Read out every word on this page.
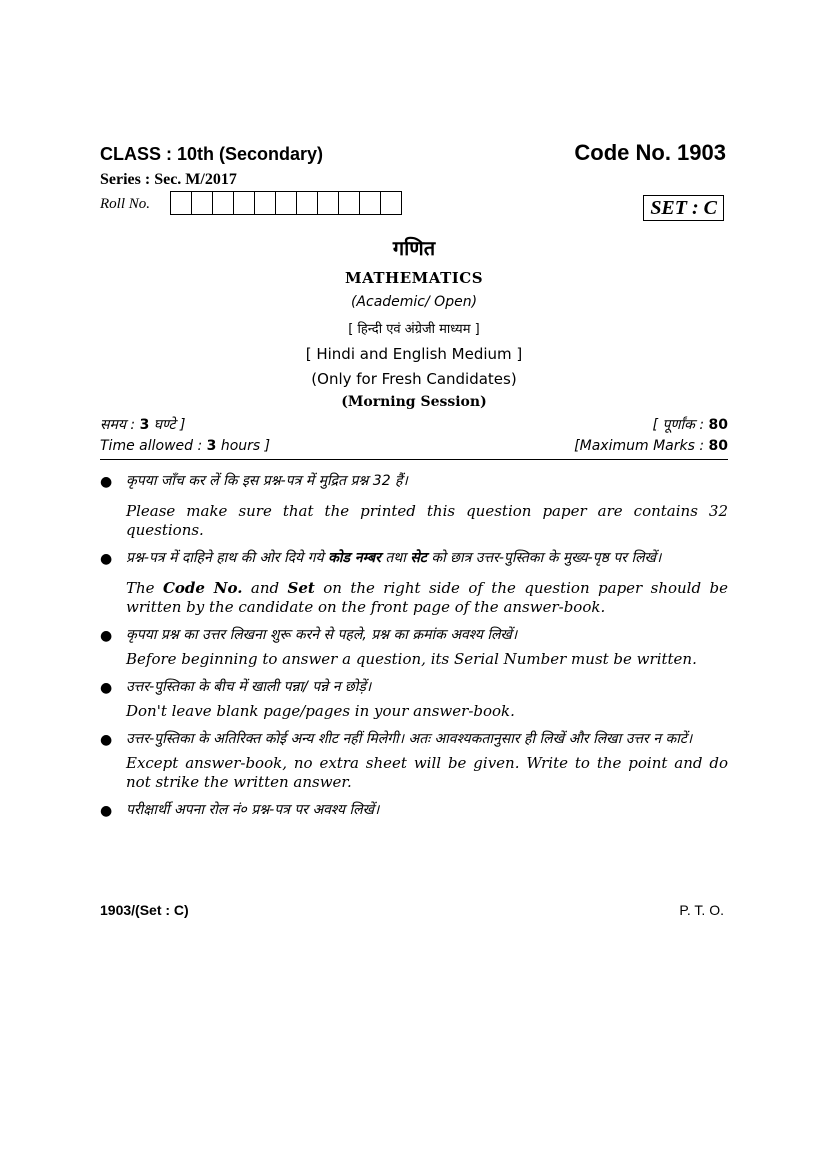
CLASS : 10th (Secondary)	Code No. 1903
Series : Sec. M/2017
Roll No.	SET : C
गणित
MATHEMATICS
(Academic/ Open)
[ हिन्दी एवं अंग्रेजी माध्यम ]
[ Hindi and English Medium ]
(Only for Fresh Candidates)
(Morning Session)
समय : 3 घण्टे ]	[ पूर्णांक : 80
Time allowed : 3 hours ]	[Maximum Marks : 80
● कृपया जाँच कर लें कि इस प्रश्न-पत्र में मुद्रित प्रश्न 32 हैं।
Please make sure that the printed this question paper are contains 32 questions.
● प्रश्न-पत्र में दाहिने हाथ की ओर दिये गये कोड नम्बर तथा सेट को छात्र उत्तर-पुस्तिका के मुख्य-पृष्ठ पर लिखें।
The Code No. and Set on the right side of the question paper should be written by the candidate on the front page of the answer-book.
● कृपया प्रश्न का उत्तर लिखना शुरू करने से पहले, प्रश्न का क्रमांक अवश्य लिखें।
Before beginning to answer a question, its Serial Number must be written.
● उत्तर-पुस्तिका के बीच में खाली पन्ना/ पन्ने न छोड़ें।
Don't leave blank page/pages in your answer-book.
● उत्तर-पुस्तिका के अतिरिक्त कोई अन्य शीट नहीं मिलेगी। अतः आवश्यकतानुसार ही लिखें और लिखा उत्तर न काटें।
Except answer-book, no extra sheet will be given. Write to the point and do not strike the written answer.
● परीक्षार्थी अपना रोल नं० प्रश्न-पत्र पर अवश्य लिखें।
1903/(Set : C)	P. T. O.
